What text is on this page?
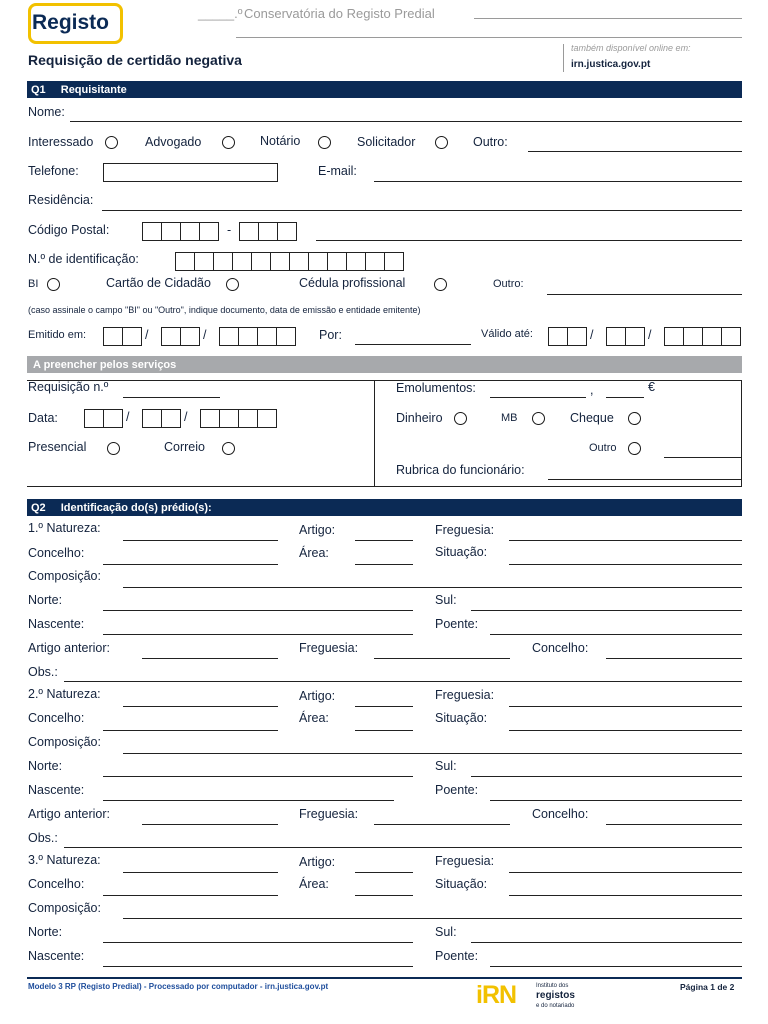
Registo	_____.º Conservatória do Registo Predial
Requisição de certidão negativa
também disponível online em:
irn.justica.gov.pt
Q1 Requisitante
Nome:
Interessado	Advogado	Notário	Solicitador	Outro:
Telefone:	E-mail:
Residência:
Código Postal:	-
N.º de identificação:
BI	Cartão de Cidadão	Cédula profissional	Outro:
(caso assinale o campo "BI" ou "Outro", indique documento, data de emissão e entidade emitente)
Emitido em:	/	/	Por:	Válido até:	/	/
A preencher pelos serviços
Requisição n.º
Data:	/	/
Presencial	Correio
Emolumentos:	,	€
Dinheiro	MB	Cheque
Outro
Rubrica do funcionário:
Q2 Identificação do(s) prédio(s):
1.º Natureza:	Artigo:	Freguesia:
Concelho:	Área:	Situação:
Composição:
Norte:	Sul:
Nascente:	Poente:
Artigo anterior:	Freguesia:	Concelho:
Obs.:
2.º Natureza:	Artigo:	Freguesia:
Concelho:	Área:	Situação:
Composição:
Norte:	Sul:
Nascente:	Poente:
Artigo anterior:	Freguesia:	Concelho:
Obs.:
3.º Natureza:	Artigo:	Freguesia:
Concelho:	Área:	Situação:
Composição:
Norte:	Sul:
Nascente:	Poente:
Modelo 3 RP (Registo Predial) - Processado por computador - irn.justica.gov.pt	iRN	Instituto dos
registos
e do notariado
Página 1 de 2
